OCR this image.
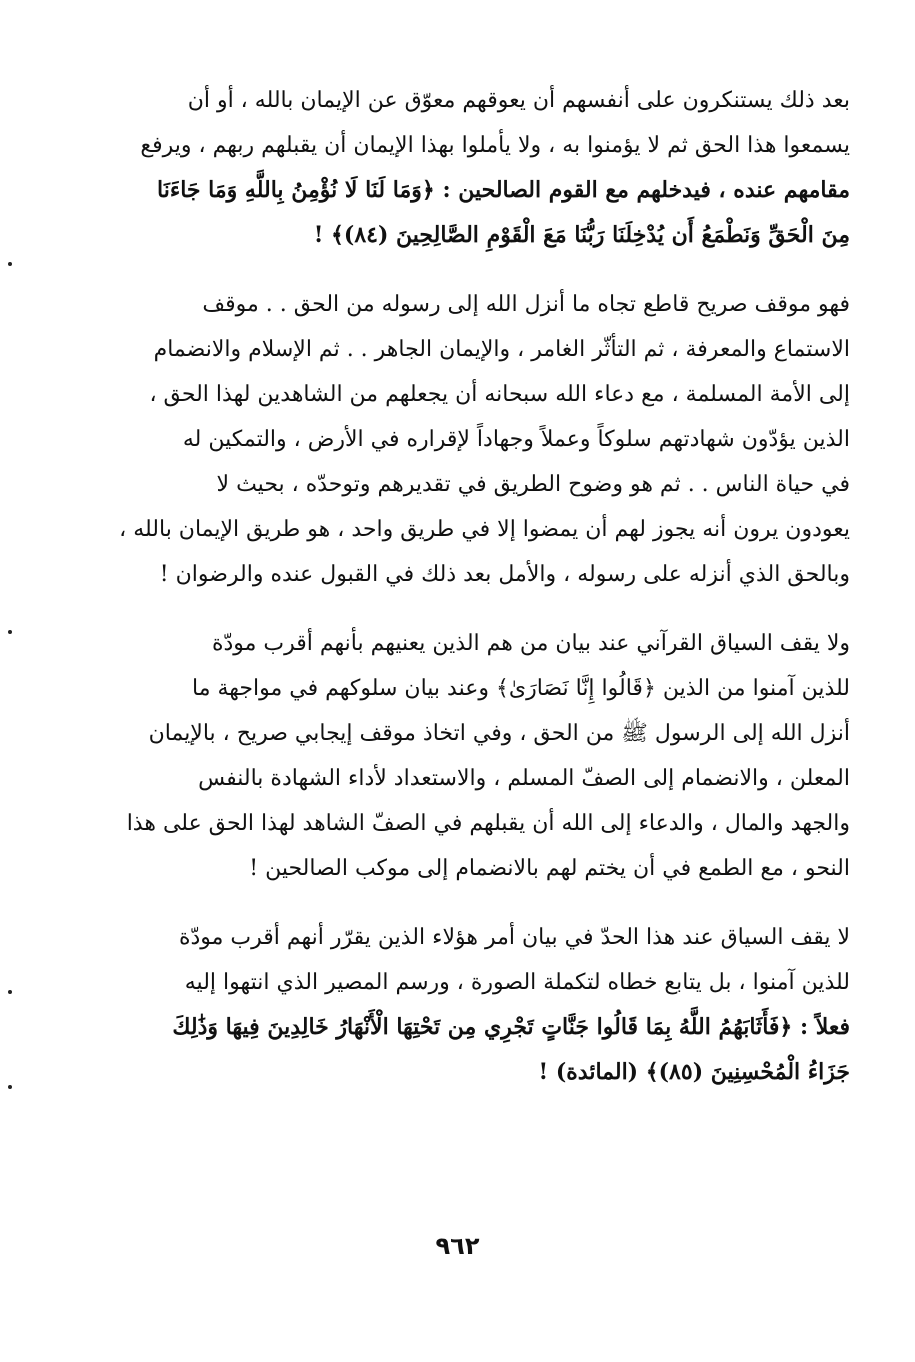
بعد ذلك يستنكرون على أنفسهم أن يعوقهم معوّق عن الإيمان بالله ، أو أن
يسمعوا هذا الحق ثم لا يؤمنوا به ، ولا يأملوا بهذا الإيمان أن يقبلهم ربهم ، ويرفع
مقامهم عنده ، فيدخلهم مع القوم الصالحين : ﴿وَمَا لَنَا لَا نُؤْمِنُ بِاللَّهِ وَمَا جَاءَنَا
مِنَ الْحَقِّ وَنَطْمَعُ أَن يُدْخِلَنَا رَبُّنَا مَعَ الْقَوْمِ الصَّالِحِينَ (٨٤)﴾ !

فهو موقف صريح قاطع تجاه ما أنزل الله إلى رسوله من الحق . . موقف
الاستماع والمعرفة ، ثم التأثّر الغامر ، والإيمان الجاهر . . ثم الإسلام والانضمام
إلى الأمة المسلمة ، مع دعاء الله سبحانه أن يجعلهم من الشاهدين لهذا الحق ،
الذين يؤدّون شهادتهم سلوكاً وعملاً وجهاداً لإقراره في الأرض ، والتمكين له
في حياة الناس . . ثم هو وضوح الطريق في تقديرهم وتوحدّه ، بحيث لا
يعودون يرون أنه يجوز لهم أن يمضوا إلا في طريق واحد ، هو طريق الإيمان بالله ،
وبالحق الذي أنزله على رسوله ، والأمل بعد ذلك في القبول عنده والرضوان !

ولا يقف السياق القرآني عند بيان من هم الذين يعنيهم بأنهم أقرب مودّة
للذين آمنوا من الذين ﴿قَالُوا إِنَّا نَصَارَىٰ﴾ وعند بيان سلوكهم في مواجهة ما
أنزل الله إلى الرسول ﷺ من الحق ، وفي اتخاذ موقف إيجابي صريح ، بالإيمان
المعلن ، والانضمام إلى الصفّ المسلم ، والاستعداد لأداء الشهادة بالنفس
والجهد والمال ، والدعاء إلى الله أن يقبلهم في الصفّ الشاهد لهذا الحق على هذا
النحو ، مع الطمع في أن يختم لهم بالانضمام إلى موكب الصالحين !

لا يقف السياق عند هذا الحدّ في بيان أمر هؤلاء الذين يقرّر أنهم أقرب مودّة
للذين آمنوا ، بل يتابع خطاه لتكملة الصورة ، ورسم المصير الذي انتهوا إليه
فعلاً : ﴿فَأَثَابَهُمُ اللَّهُ بِمَا قَالُوا جَنَّاتٍ تَجْرِي مِن تَحْتِهَا الْأَنْهَارُ خَالِدِينَ فِيهَا وَذَٰلِكَ
جَزَاءُ الْمُحْسِنِينَ (٨٥)﴾ (المائدة) !

٩٦٢
